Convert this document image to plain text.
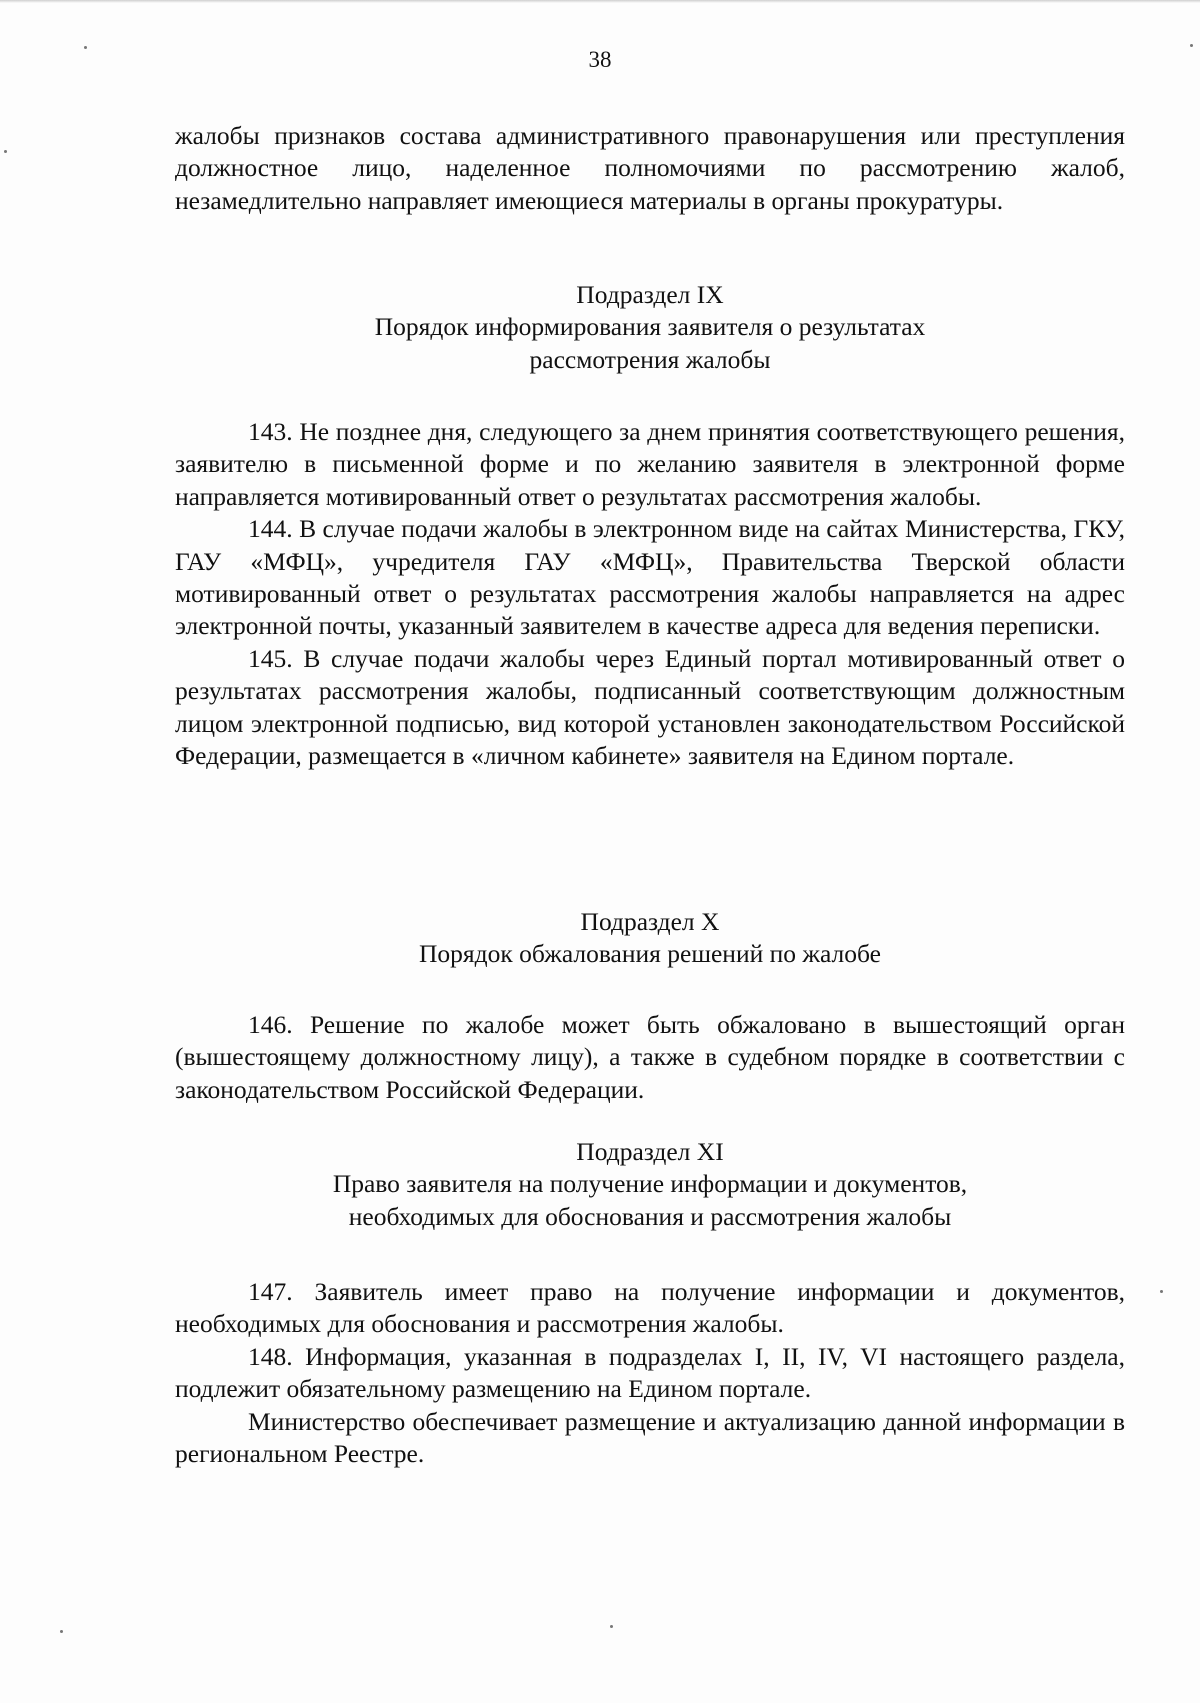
38

жалобы признаков состава административного правонарушения или преступления должностное лицо, наделенное полномочиями по рассмотрению жалоб, незамедлительно направляет имеющиеся материалы в органы прокуратуры.

Подраздел IX
Порядок информирования заявителя о результатах
рассмотрения жалобы

143. Не позднее дня, следующего за днем принятия соответствующего решения, заявителю в письменной форме и по желанию заявителя в электронной форме направляется мотивированный ответ о результатах рассмотрения жалобы.

144. В случае подачи жалобы в электронном виде на сайтах Министерства, ГКУ, ГАУ «МФЦ», учредителя ГАУ «МФЦ», Правительства Тверской области мотивированный ответ о результатах рассмотрения жалобы направляется на адрес электронной почты, указанный заявителем в качестве адреса для ведения переписки.

145. В случае подачи жалобы через Единый портал мотивированный ответ о результатах рассмотрения жалобы, подписанный соответствующим должностным лицом электронной подписью, вид которой установлен законодательством Российской Федерации, размещается в «личном кабинете» заявителя на Едином портале.

Подраздел X
Порядок обжалования решений по жалобе

146. Решение по жалобе может быть обжаловано в вышестоящий орган (вышестоящему должностному лицу), а также в судебном порядке в соответствии с законодательством Российской Федерации.

Подраздел XI
Право заявителя на получение информации и документов,
необходимых для обоснования и рассмотрения жалобы

147. Заявитель имеет право на получение информации и документов, необходимых для обоснования и рассмотрения жалобы.

148. Информация, указанная в подразделах I, II, IV, VI настоящего раздела, подлежит обязательному размещению на Едином портале.

Министерство обеспечивает размещение и актуализацию данной информации в региональном Реестре.
